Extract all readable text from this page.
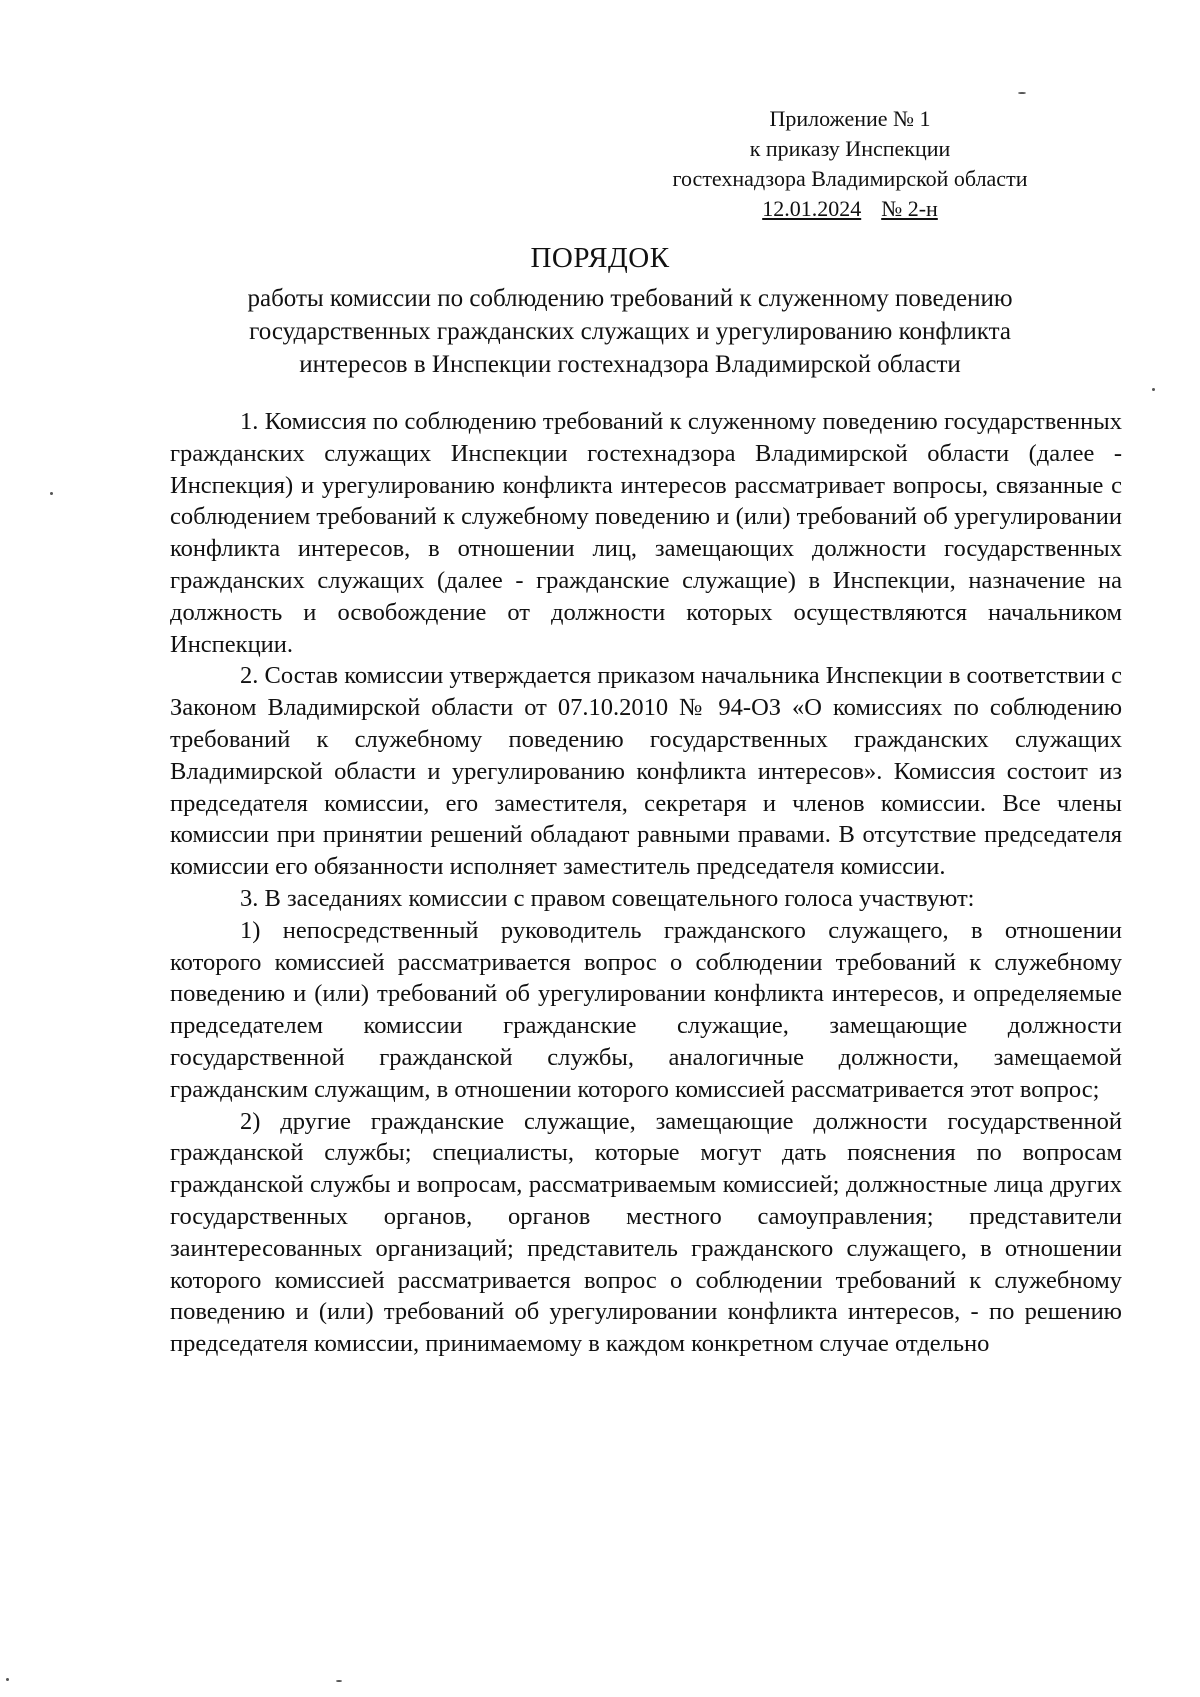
Приложение № 1
к приказу Инспекции
гостехнадзора Владимирской области
12.01.2024 № 2-н
ПОРЯДОК
работы комиссии по соблюдению требований к служенному поведению
государственных гражданских служащих и урегулированию конфликта
интересов в Инспекции гостехнадзора Владимирской области

1. Комиссия по соблюдению требований к служенному поведению государственных гражданских служащих Инспекции гостехнадзора Владимирской области (далее - Инспекция) и урегулированию конфликта интересов рассматривает вопросы, связанные с соблюдением требований к служебному поведению и (или) требований об урегулировании конфликта интересов, в отношении лиц, замещающих должности государственных гражданских служащих (далее - гражданские служащие) в Инспекции, назначение на должность и освобождение от должности которых осуществляются начальником Инспекции.

2. Состав комиссии утверждается приказом начальника Инспекции в соответствии с Законом Владимирской области от 07.10.2010 № 94-ОЗ «О комиссиях по соблюдению требований к служебному поведению государственных гражданских служащих Владимирской области и урегулированию конфликта интересов». Комиссия состоит из председателя комиссии, его заместителя, секретаря и членов комиссии. Все члены комиссии при принятии решений обладают равными правами. В отсутствие председателя комиссии его обязанности исполняет заместитель председателя комиссии.

3. В заседаниях комиссии с правом совещательного голоса участвуют:

1) непосредственный руководитель гражданского служащего, в отношении которого комиссией рассматривается вопрос о соблюдении требований к служебному поведению и (или) требований об урегулировании конфликта интересов, и определяемые председателем комиссии гражданские служащие, замещающие должности государственной гражданской службы, аналогичные должности, замещаемой гражданским служащим, в отношении которого комиссией рассматривается этот вопрос;

2) другие гражданские служащие, замещающие должности государственной гражданской службы; специалисты, которые могут дать пояснения по вопросам гражданской службы и вопросам, рассматриваемым комиссией; должностные лица других государственных органов, органов местного самоуправления; представители заинтересованных организаций; представитель гражданского служащего, в отношении которого комиссией рассматривается вопрос о соблюдении требований к служебному поведению и (или) требований об урегулировании конфликта интересов, - по решению председателя комиссии, принимаемому в каждом конкретном случае отдельно
